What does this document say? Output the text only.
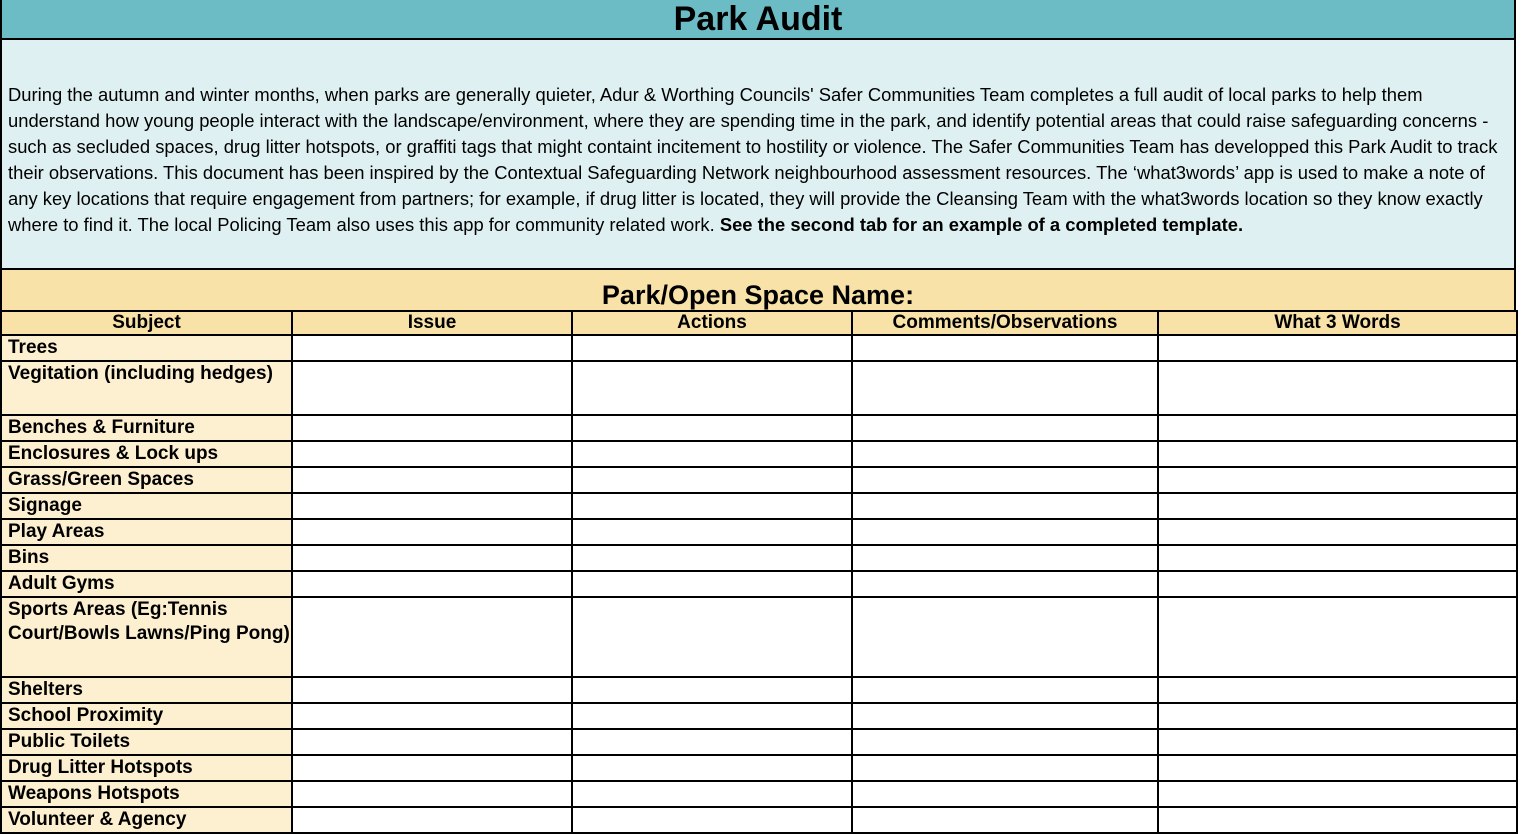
Park Audit
During the autumn and winter months, when parks are generally quieter, Adur & Worthing Councils' Safer Communities Team completes a full audit of local parks to help them understand how young people interact with the landscape/environment, where they are spending time in the park, and identify potential areas that could raise safeguarding concerns - such as secluded spaces, drug litter hotspots, or graffiti tags that might containt incitement to hostility or violence. The Safer Communities Team has developped this Park Audit to track their observations. This document has been inspired by the Contextual Safeguarding Network neighbourhood assessment resources. The ‘what3words’ app is used to make a note of any key locations that require engagement from partners; for example, if drug litter is located, they will provide the Cleansing Team with the what3words location so they know exactly where to find it. The local Policing Team also uses this app for community related work. See the second tab for an example of a completed template.
Park/Open Space Name:
Subject	Issue	Actions	Comments/Observations	What 3 Words
Trees				
Vegitation (including hedges)				
Benches & Furniture				
Enclosures & Lock ups				
Grass/Green Spaces				
Signage				
Play Areas				
Bins				
Adult Gyms				
Sports Areas (Eg:Tennis Court/Bowls Lawns/Ping Pong)				
Shelters				
School Proximity				
Public Toilets				
Drug Litter Hotspots				
Weapons Hotspots				
Volunteer & Agency				
